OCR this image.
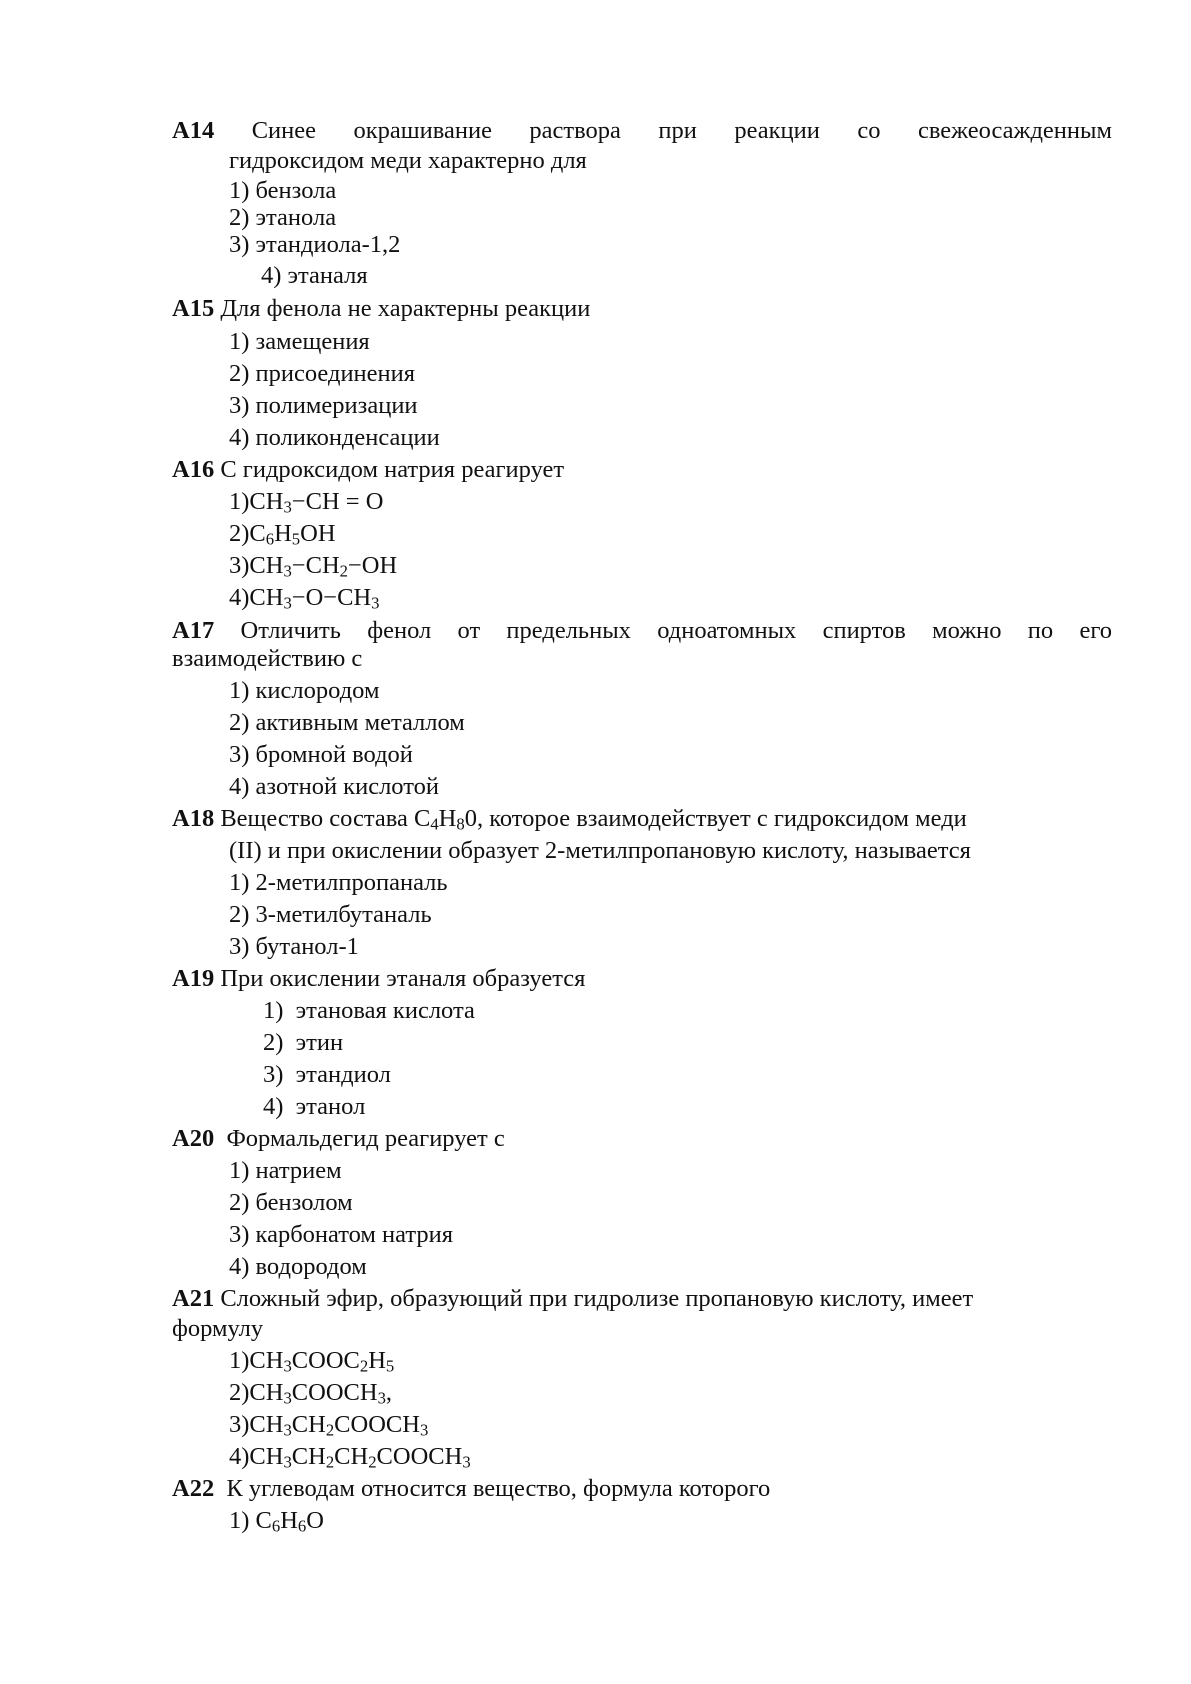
А14 Синее окрашивание раствора при реакции со свежеосажденным
гидроксидом меди характерно для
1) бензола
2) этанола
3) этандиола-1,2
4) этаналя
А15 Для фенола не характерны реакции
1) замещения
2) присоединения
3) полимеризации
4) поликонденсации
А16 С гидроксидом натрия реагирует
$1)CH_3-CH = O$
$2)C_6H_5OH$
$3)CH_3-CH_2-OH$
$4)CH_3-O-CH_3$
А17 Отличить фенол от предельных одноатомных спиртов можно по его
взаимодействию с
1) кислородом
2) активным металлом
3) бромной водой
4) азотной кислотой
А18 Вещество состава $C_4H_80$, которое взаимодействует с гидроксидом меди
(II) и при окислении образует 2-метилпропановую кислоту, называется
1) 2-метилпропаналь
2) 3-метилбутаналь
3) бутанол-1
А19 При окислении этаналя образуется
1)  этановая кислота
2)  этин
3)  этандиол
4)  этанол
А20 Формальдегид реагирует с
1) натрием
2) бензолом
3) карбонатом натрия
4) водородом
А21 Сложный эфир, образующий при гидролизе пропановую кислоту, имеет
формулу
$1)CH_3COOC_2H_5$
$2)CH_3COOCH_3$,
$3)CH_3CH_2COOCH_3$
$4)CH_3CH_2CH_2COOCH_3$
А22 К углеводам относится вещество, формула которого
1) $C_6H_6O$
